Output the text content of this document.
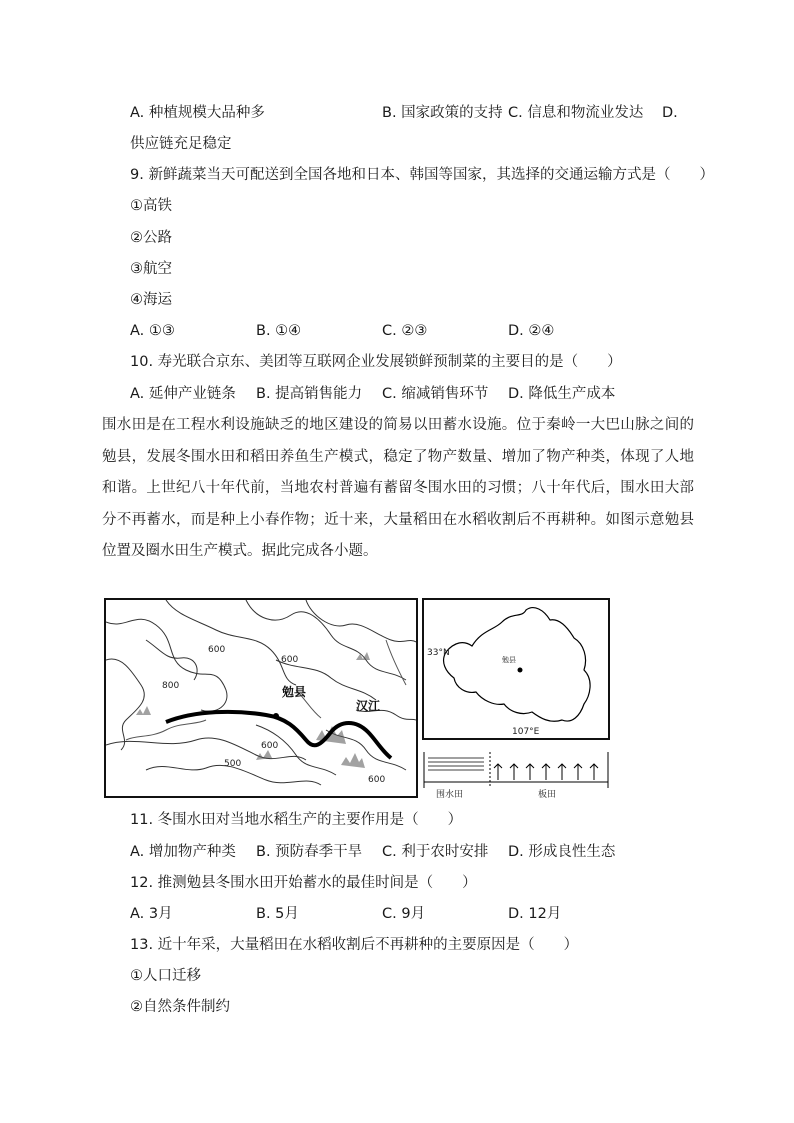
A. 种植规模大品种多	B. 国家政策的支持 C. 信息和物流业发达 D.
供应链充足稳定
9. 新鲜蔬菜当天可配送到全国各地和日本、韩国等国家，其选择的交通运输方式是（　　）
①高铁
②公路
③航空
④海运
A. ①③	B. ①④	C. ②③	D. ②④
10. 寿光联合京东、美团等互联网企业发展锁鲜预制菜的主要目的是（　　）
A. 延伸产业链条 B. 提高销售能力 C. 缩减销售环节 D. 降低生产成本
围水田是在工程水利设施缺乏的地区建设的简易以田蓄水设施。位于秦岭一大巴山脉之间的勉县，发展冬围水田和稻田养鱼生产模式，稳定了物产数量、增加了物产种类，体现了人地和谐。上世纪八十年代前，当地农村普遍有蓄留冬围水田的习惯；八十年代后，围水田大部分不再蓄水，而是种上小春作物；近十来，大量稻田在水稻收割后不再耕种。如图示意勉县位置及圈水田生产模式。据此完成各小题。
600
600
800
600
500
600
勉县
汉江
33°N
勉县
107°E
围水田	板田
11. 冬围水田对当地水稻生产的主要作用是（　　）
A. 增加物产种类 B. 预防春季干旱 C. 利于农时安排 D. 形成良性生态
12. 推测勉县冬围水田开始蓄水的最佳时间是（　　）
A. 3月	B. 5月	C. 9月	D. 12月
13. 近十年采，大量稻田在水稻收割后不再耕种的主要原因是（　　）
①人口迁移
②自然条件制约
